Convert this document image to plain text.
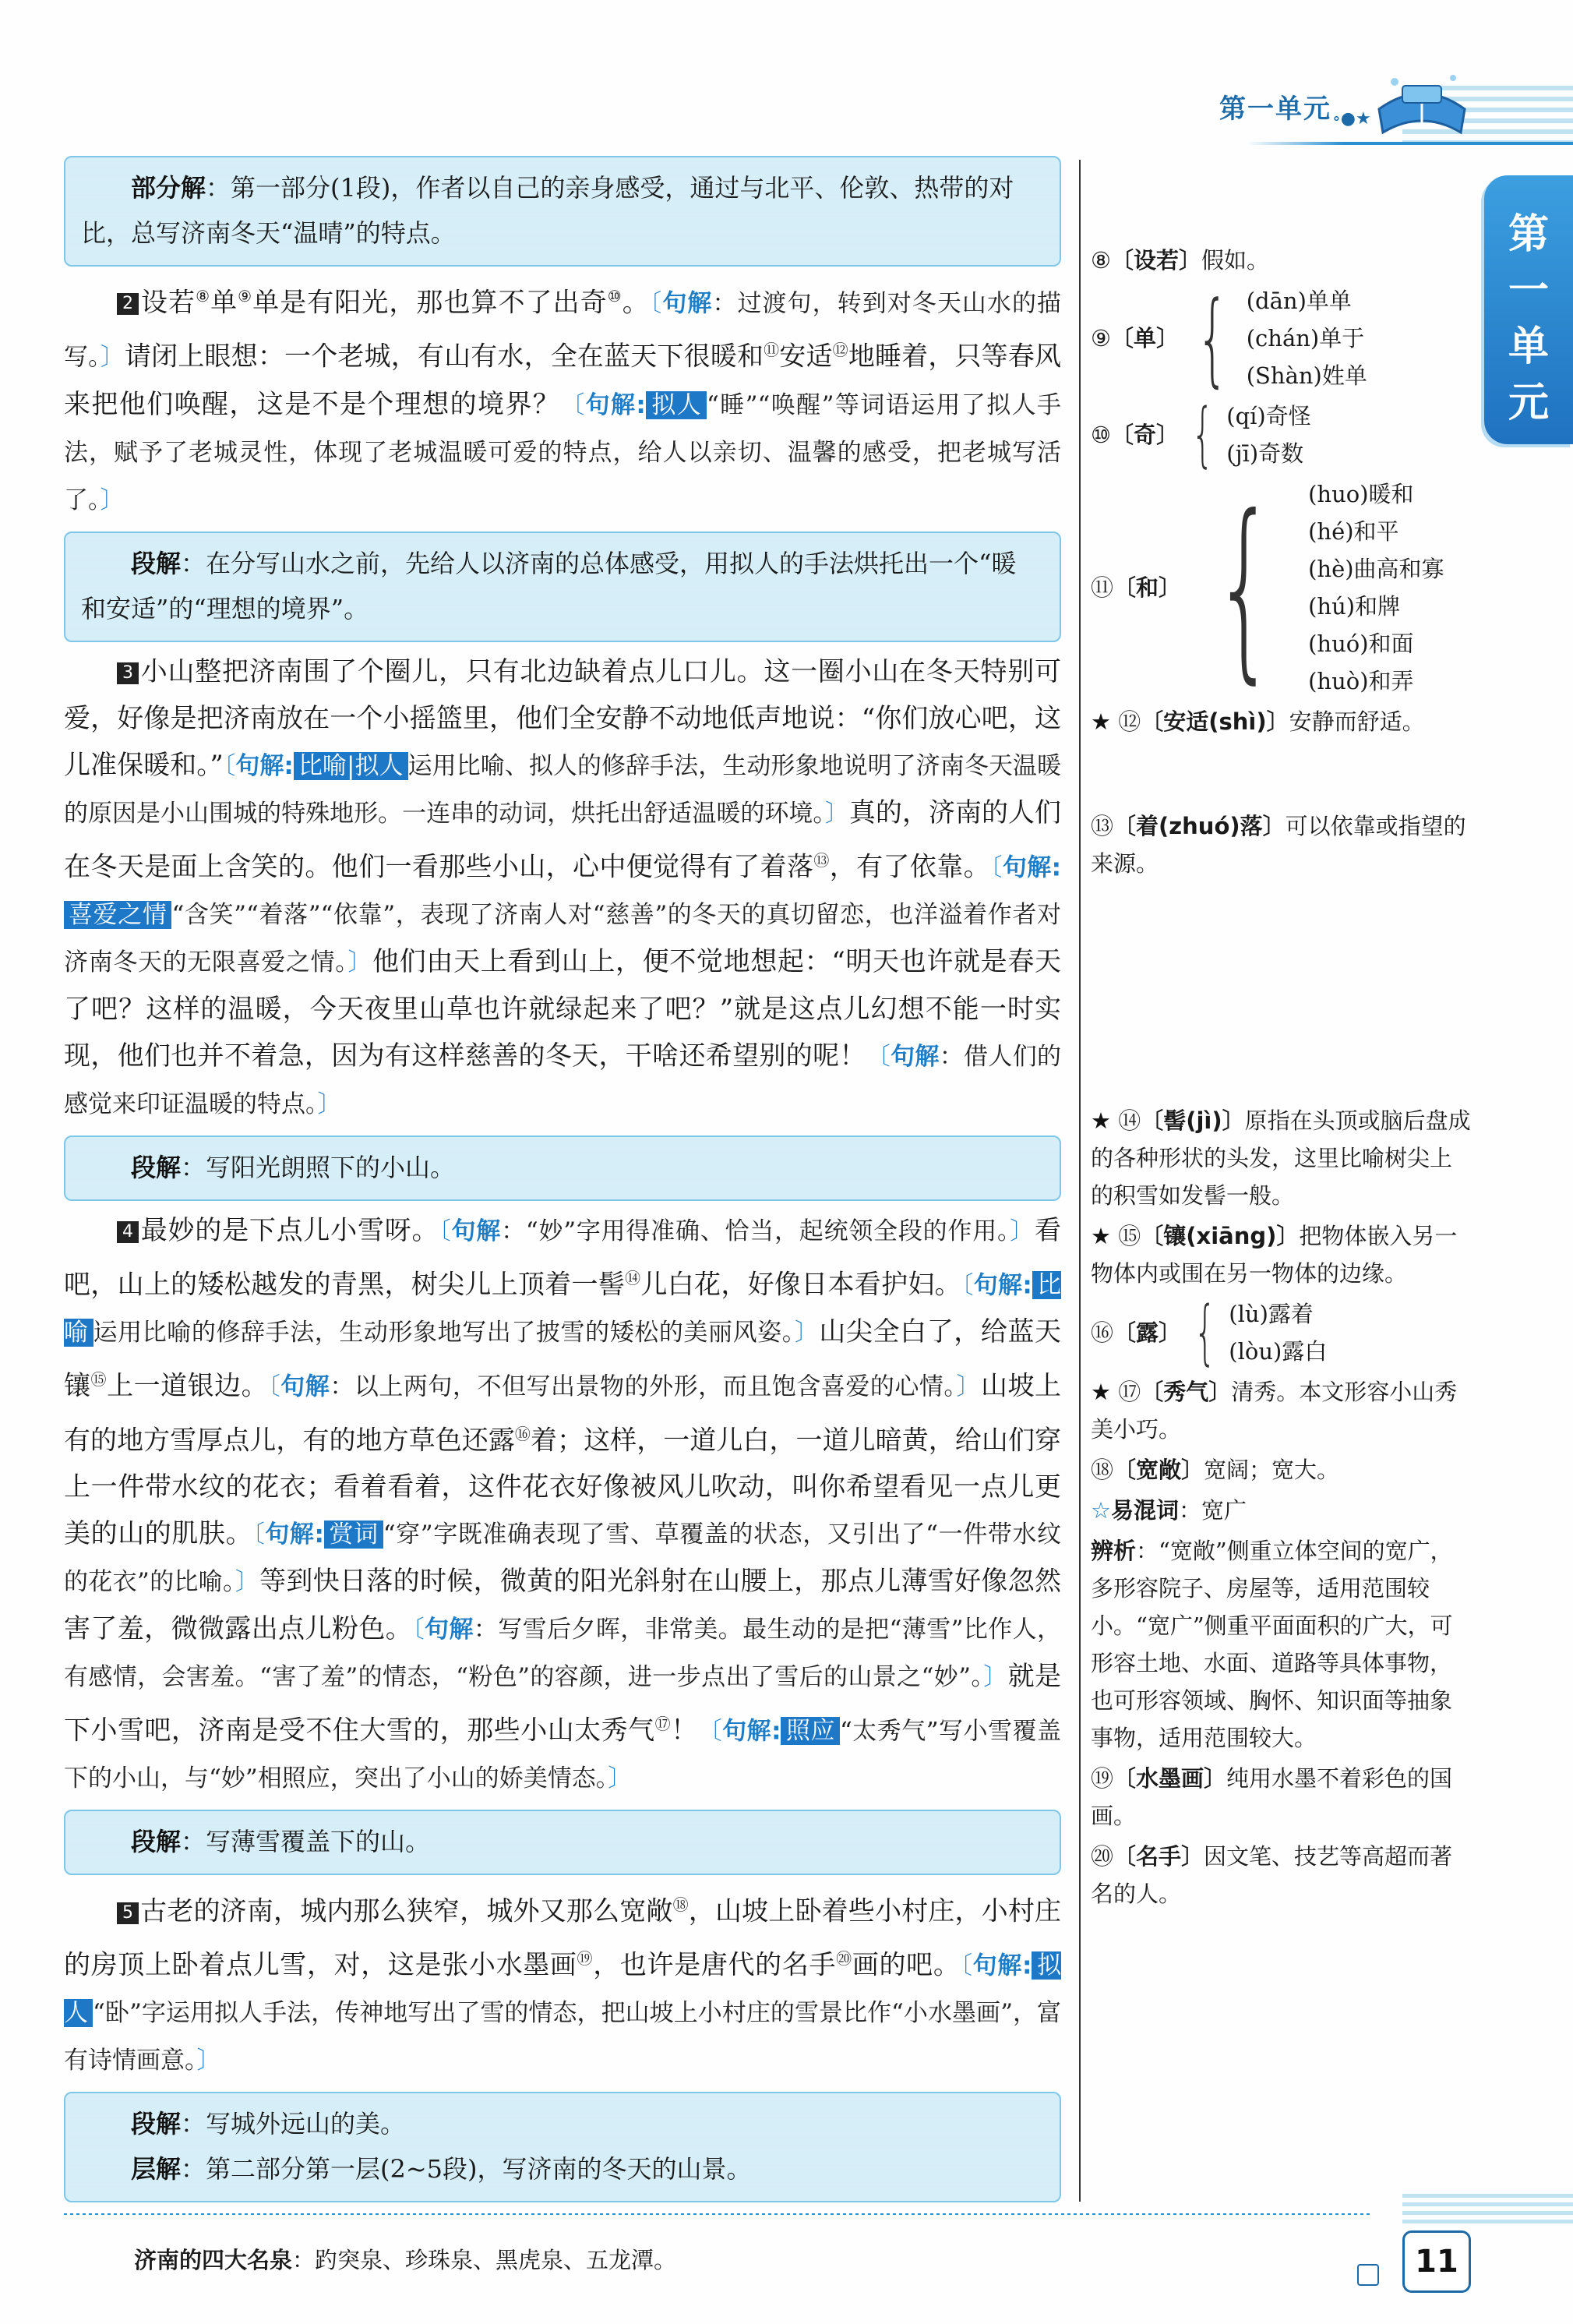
第一单元 ∘●★
第一单元
部分解：第一部分(1段)，作者以自己的亲身感受，通过与北平、伦敦、热带的对比，总写济南冬天“温晴”的特点。

2 设若⑧单⑨单是有阳光，那也算不了出奇⑩。〔句解：过渡句，转到对冬天山水的描写。〕请闭上眼想：一个老城，有山有水，全在蓝天下很暖和⑪安适⑫地睡着，只等春风来把他们唤醒，这是不是个理想的境界？〔句解: 拟人 “睡”“唤醒”等词语运用了拟人手法，赋予了老城灵性，体现了老城温暖可爱的特点，给人以亲切、温馨的感受，把老城写活了。〕

段解：在分写山水之前，先给人以济南的总体感受，用拟人的手法烘托出一个“暖和安适”的“理想的境界”。

3 小山整把济南围了个圈儿，只有北边缺着点儿口儿。这一圈小山在冬天特别可爱，好像是把济南放在一个小摇篮里，他们全安静不动地低声地说：“你们放心吧，这儿准保暖和。”〔句解: 比喻|拟人 运用比喻、拟人的修辞手法，生动形象地说明了济南冬天温暖的原因是小山围城的特殊地形。一连串的动词，烘托出舒适温暖的环境。〕真的，济南的人们在冬天是面上含笑的。他们一看那些小山，心中便觉得有了着落⑬，有了依靠。〔句解:喜爱之情 “含笑”“着落”“依靠”，表现了济南人对“慈善”的冬天的真切留恋，也洋溢着作者对济南冬天的无限喜爱之情。〕他们由天上看到山上，便不觉地想起：“明天也许就是春天了吧？这样的温暖，今天夜里山草也许就绿起来了吧？”就是这点儿幻想不能一时实现，他们也并不着急，因为有这样慈善的冬天，干啥还希望别的呢！〔句解：借人们的感觉来印证温暖的特点。〕

段解：写阳光朗照下的小山。

4 最妙的是下点儿小雪呀。〔句解：“妙”字用得准确、恰当，起统领全段的作用。〕看吧，山上的矮松越发的青黑，树尖儿上顶着一髻⑭儿白花，好像日本看护妇。〔句解: 比喻 运用比喻的修辞手法，生动形象地写出了披雪的矮松的美丽风姿。〕山尖全白了，给蓝天镶⑮上一道银边。〔句解：以上两句，不但写出景物的外形，而且饱含喜爱的心情。〕山坡上有的地方雪厚点儿，有的地方草色还露⑯着；这样，一道儿白，一道儿暗黄，给山们穿上一件带水纹的花衣；看着看着，这件花衣好像被风儿吹动，叫你希望看见一点儿更美的山的肌肤。〔句解: 赏词 “穿”字既准确表现了雪、草覆盖的状态，又引出了“一件带水纹的花衣”的比喻。〕等到快日落的时候，微黄的阳光斜射在山腰上，那点儿薄雪好像忽然害了羞，微微露出点儿粉色。〔句解：写雪后夕晖，非常美。最生动的是把“薄雪”比作人，有感情，会害羞。“害了羞”的情态，“粉色”的容颜，进一步点出了雪后的山景之“妙”。〕就是下小雪吧，济南是受不住大雪的，那些小山太秀气⑰！〔句解: 照应 “太秀气”写小雪覆盖下的小山，与“妙”相照应，突出了小山的娇美情态。〕

段解：写薄雪覆盖下的山。

5 古老的济南，城内那么狭窄，城外又那么宽敞⑱，山坡上卧着些小村庄，小村庄的房顶上卧着点儿雪，对，这是张小水墨画⑲，也许是唐代的名手⑳画的吧。〔句解: 拟人 “卧”字运用拟人手法，传神地写出了雪的情态，把山坡上小村庄的雪景比作“小水墨画”，富有诗情画意。〕

段解：写城外远山的美。
层解：第二部分第一层(2~5段)，写济南的冬天的山景。
⑧〔设若〕假如。
⑨〔单〕 { (dān)单单
(chán)单于
(Shàn)姓单
⑩〔奇〕 { (qí)奇怪
(jī)奇数
⑪〔和〕 { (huo)暖和
(hé)和平
(hè)曲高和寡
(hú)和牌
(huó)和面
(huò)和弄
★ ⑫〔安适(shì)〕安静而舒适。
⑬〔着(zhuó)落〕可以依靠或指望的来源。
★ ⑭〔髻(jì)〕原指在头顶或脑后盘成的各种形状的头发，这里比喻树尖上的积雪如发髻一般。
★ ⑮〔镶(xiāng)〕把物体嵌入另一物体内或围在另一物体的边缘。
⑯〔露〕 { (lù)露着
(lòu)露白
★ ⑰〔秀气〕清秀。本文形容小山秀美小巧。
⑱〔宽敞〕宽阔；宽大。
☆易混词：宽广
辨析：“宽敞”侧重立体空间的宽广，多形容院子、房屋等，适用范围较小。“宽广”侧重平面面积的广大，可形容土地、水面、道路等具体事物，也可形容领域、胸怀、知识面等抽象事物，适用范围较大。
⑲〔水墨画〕纯用水墨不着彩色的国画。
⑳〔名手〕因文笔、技艺等高超而著名的人。
济南的四大名泉：趵突泉、珍珠泉、黑虎泉、五龙潭。	11
